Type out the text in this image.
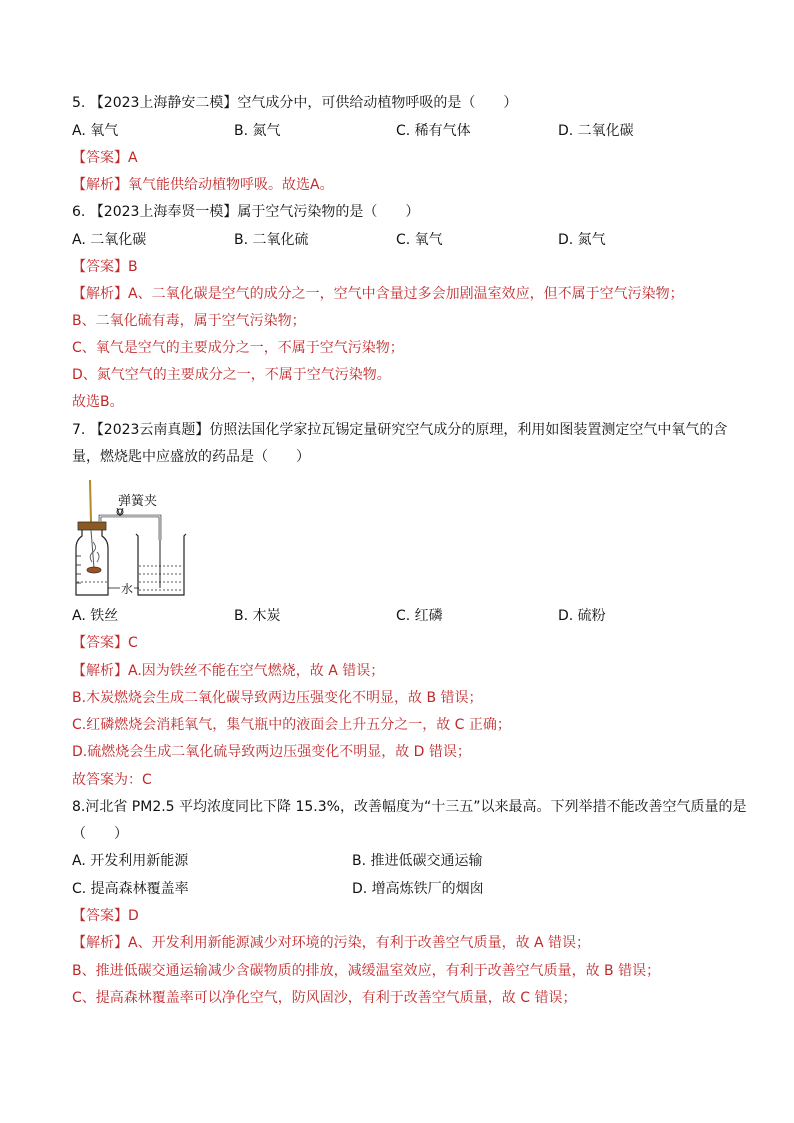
5. 【2023上海静安二模】空气成分中，可供给动植物呼吸的是（　　）
A. 氧气	B. 氮气	C. 稀有气体	D. 二氧化碳
【答案】A
【解析】氧气能供给动植物呼吸。故选A。
6. 【2023上海奉贤一模】属于空气污染物的是（　　）
A. 二氧化碳	B. 二氧化硫	C. 氧气	D. 氮气
【答案】B
【解析】A、二氧化碳是空气的成分之一，空气中含量过多会加剧温室效应，但不属于空气污染物；
B、二氧化硫有毒，属于空气污染物；
C、氧气是空气的主要成分之一，不属于空气污染物；
D、氮气空气的主要成分之一，不属于空气污染物。
故选B。
7. 【2023云南真题】仿照法国化学家拉瓦锡定量研究空气成分的原理，利用如图装置测定空气中氧气的含
量，燃烧匙中应盛放的药品是（　　）
弹簧夹
水
A. 铁丝	B. 木炭	C. 红磷	D. 硫粉
【答案】C
【解析】A.因为铁丝不能在空气燃烧，故 A 错误；
B.木炭燃烧会生成二氧化碳导致两边压强变化不明显，故 B 错误；
C.红磷燃烧会消耗氧气，集气瓶中的液面会上升五分之一，故 C 正确；
D.硫燃烧会生成二氧化硫导致两边压强变化不明显，故 D 错误；
故答案为：C
8.河北省 PM2.5 平均浓度同比下降 15.3%，改善幅度为“十三五”以来最高。下列举措不能改善空气质量的是
（　　）
A. 开发利用新能源	B. 推进低碳交通运输
C. 提高森林覆盖率	D. 增高炼铁厂的烟囱
【答案】D
【解析】A、开发利用新能源减少对环境的污染，有利于改善空气质量，故 A 错误；
B、推进低碳交通运输减少含碳物质的排放，减缓温室效应，有利于改善空气质量，故 B 错误；
C、提高森林覆盖率可以净化空气，防风固沙，有利于改善空气质量，故 C 错误；
